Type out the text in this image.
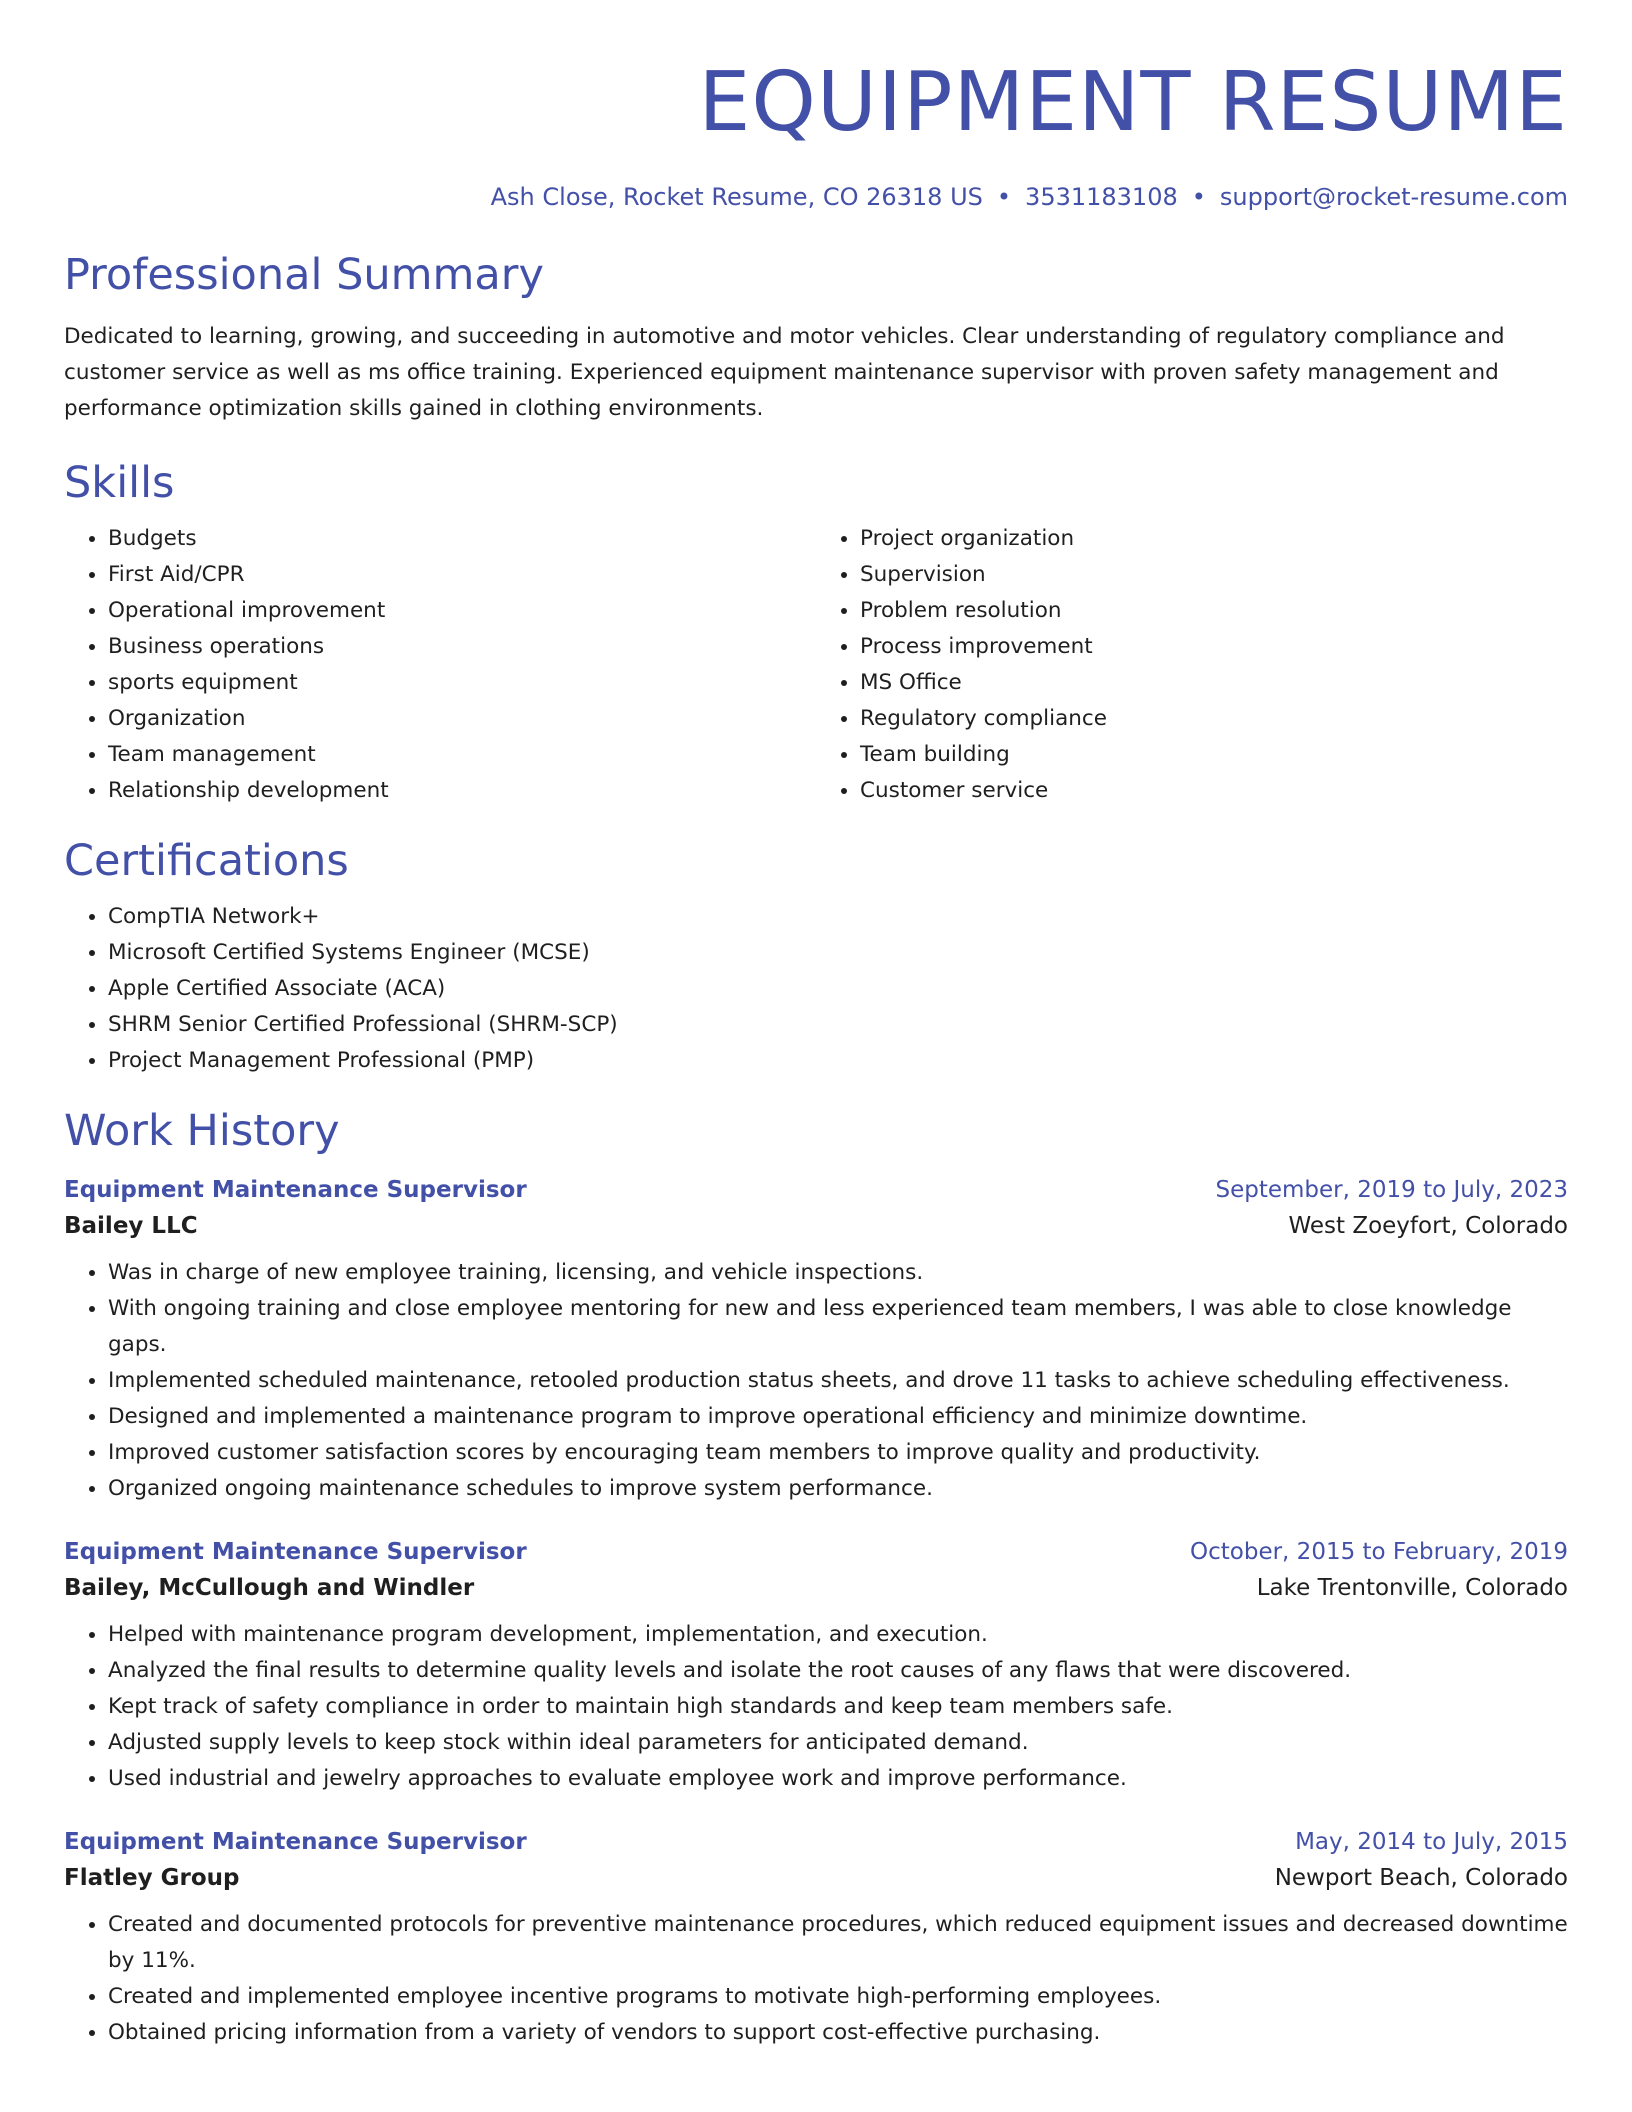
EQUIPMENT RESUME
Ash Close, Rocket Resume, CO 26318 US • 3531183108 • support@rocket-resume.com
Professional Summary

Dedicated to learning, growing, and succeeding in automotive and motor vehicles. Clear understanding of regulatory compliance and customer service as well as ms office training. Experienced equipment maintenance supervisor with proven safety management and performance optimization skills gained in clothing environments.

Skills
• Budgets
• First Aid/CPR
• Operational improvement
• Business operations
• sports equipment
• Organization
• Team management
• Relationship development
• Project organization
• Supervision
• Problem resolution
• Process improvement
• MS Office
• Regulatory compliance
• Team building
• Customer service
Certifications
• CompTIA Network+
• Microsoft Certified Systems Engineer (MCSE)
• Apple Certified Associate (ACA)
• SHRM Senior Certified Professional (SHRM-SCP)
• Project Management Professional (PMP)
Work History
Equipment Maintenance Supervisor	September, 2019 to July, 2023
Bailey LLC	West Zoeyfort, Colorado
• Was in charge of new employee training, licensing, and vehicle inspections.
• With ongoing training and close employee mentoring for new and less experienced team members, I was able to close knowledge gaps.
• Implemented scheduled maintenance, retooled production status sheets, and drove 11 tasks to achieve scheduling effectiveness.
• Designed and implemented a maintenance program to improve operational efficiency and minimize downtime.
• Improved customer satisfaction scores by encouraging team members to improve quality and productivity.
• Organized ongoing maintenance schedules to improve system performance.
Equipment Maintenance Supervisor	October, 2015 to February, 2019
Bailey, McCullough and Windler	Lake Trentonville, Colorado
• Helped with maintenance program development, implementation, and execution.
• Analyzed the final results to determine quality levels and isolate the root causes of any flaws that were discovered.
• Kept track of safety compliance in order to maintain high standards and keep team members safe.
• Adjusted supply levels to keep stock within ideal parameters for anticipated demand.
• Used industrial and jewelry approaches to evaluate employee work and improve performance.
Equipment Maintenance Supervisor	May, 2014 to July, 2015
Flatley Group	Newport Beach, Colorado
• Created and documented protocols for preventive maintenance procedures, which reduced equipment issues and decreased downtime by 11%.
• Created and implemented employee incentive programs to motivate high-performing employees.
• Obtained pricing information from a variety of vendors to support cost-effective purchasing.
